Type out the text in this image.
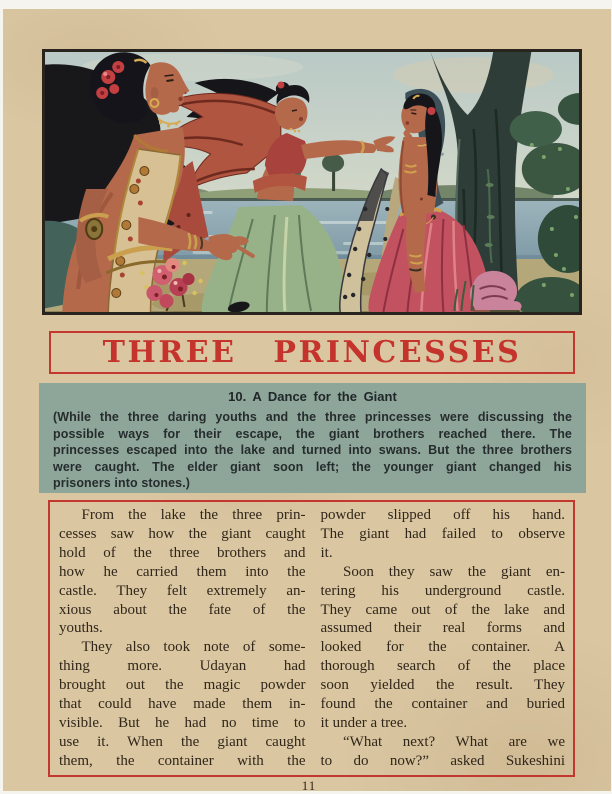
THREE PRINCESSES
10. A Dance for the Giant
(While the three daring youths and the three princesses were discussing the
possible ways for their escape, the giant brothers reached there. The
princesses escaped into the lake and turned into swans. But the three brothers
were caught. The elder giant soon left; the younger giant changed his
prisoners into stones.)
From the lake the three prin-
cesses saw how the giant caught
hold of the three brothers and
how he carried them into the
castle. They felt extremely an-
xious about the fate of the
youths.
They also took note of some-
thing more. Udayan had
brought out the magic powder
that could have made them in-
visible. But he had no time to
use it. When the giant caught
them, the container with the
powder slipped off his hand.
The giant had failed to observe
it.
Soon they saw the giant en-
tering his underground castle.
They came out of the lake and
assumed their real forms and
looked for the container. A
thorough search of the place
soon yielded the result. They
found the container and buried
it under a tree.
“What next? What are we
to do now?” asked Sukeshini
11
